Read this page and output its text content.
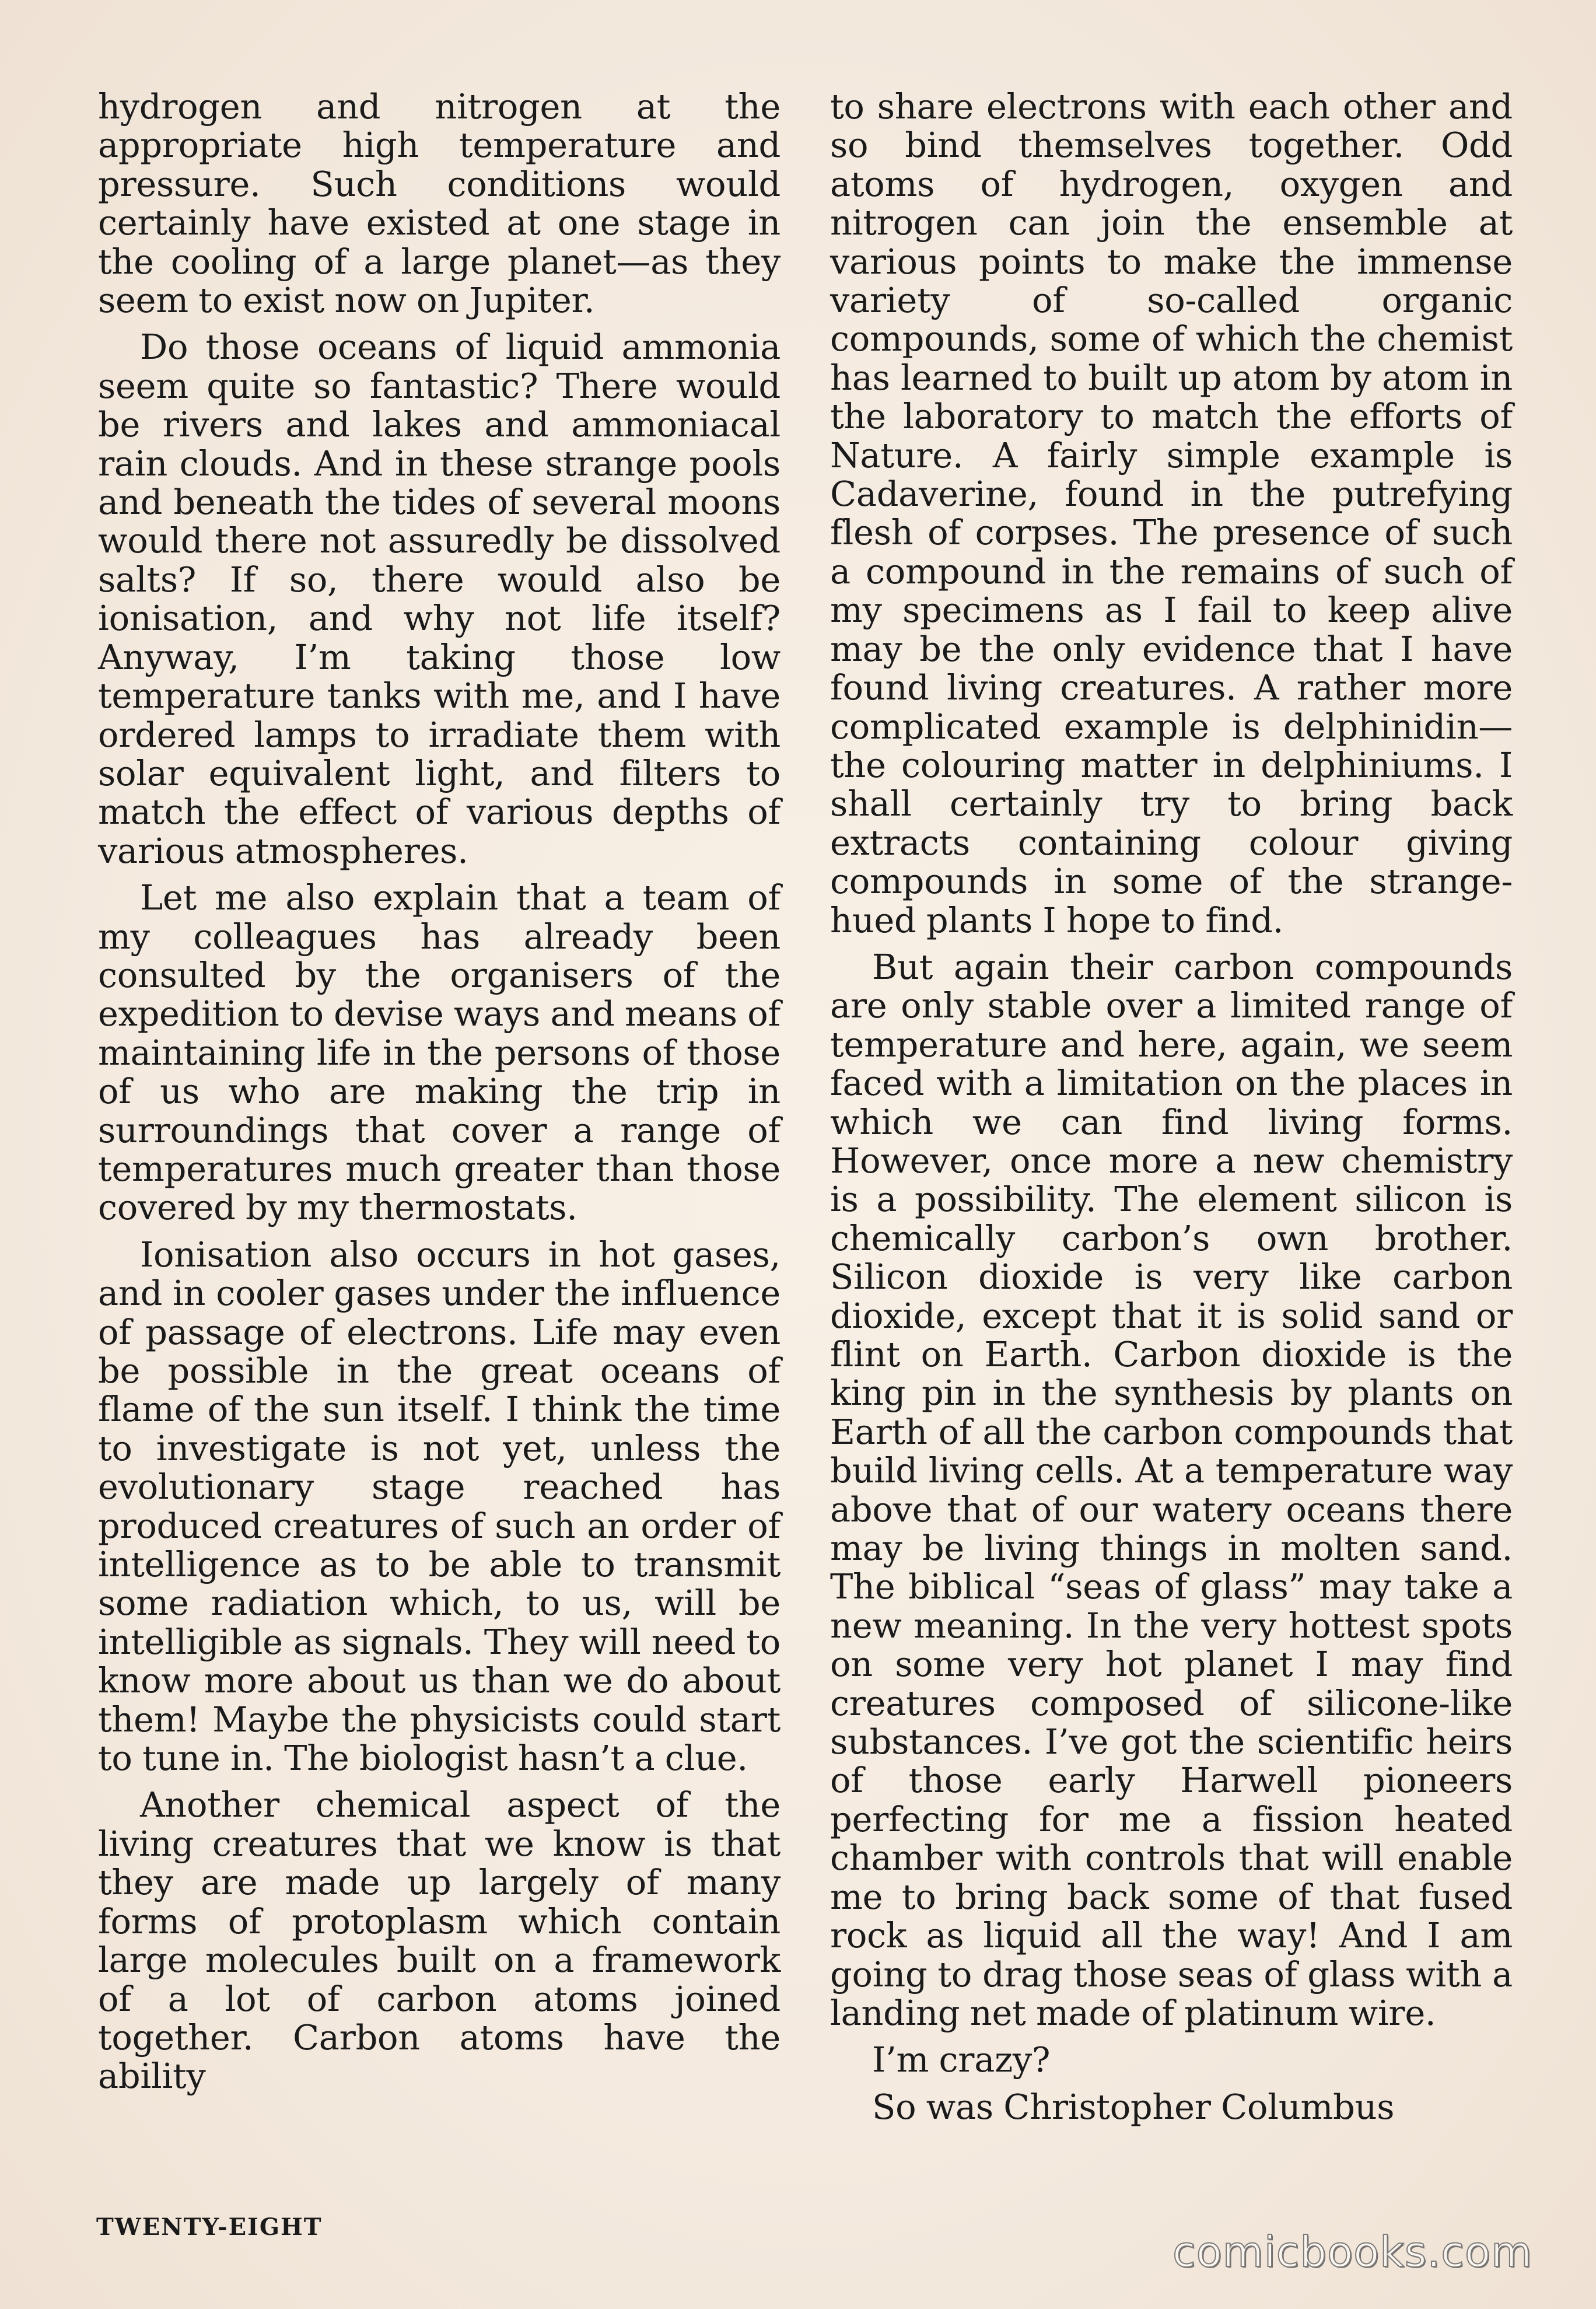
hydrogen and nitrogen at the appropriate high temperature and pressure. Such conditions would certainly have existed at one stage in the cooling of a large planet—as they seem to exist now on Jupiter.

Do those oceans of liquid ammonia seem quite so fantastic? There would be rivers and lakes and ammoniacal rain clouds. And in these strange pools and beneath the tides of several moons would there not assuredly be dissolved salts? If so, there would also be ionisation, and why not life itself? Anyway, I’m taking those low temperature tanks with me, and I have ordered lamps to irradiate them with solar equivalent light, and filters to match the effect of various depths of various atmospheres.

Let me also explain that a team of my colleagues has already been consulted by the organisers of the expedition to devise ways and means of maintaining life in the persons of those of us who are making the trip in surroundings that cover a range of temperatures much greater than those covered by my thermostats.

Ionisation also occurs in hot gases, and in cooler gases under the influence of passage of electrons. Life may even be possible in the great oceans of flame of the sun itself. I think the time to investigate is not yet, unless the evolutionary stage reached has produced creatures of such an order of intelligence as to be able to transmit some radiation which, to us, will be intelligible as signals. They will need to know more about us than we do about them! Maybe the physicists could start to tune in. The biologist hasn’t a clue.

Another chemical aspect of the living creatures that we know is that they are made up largely of many forms of protoplasm which contain large molecules built on a framework of a lot of carbon atoms joined together. Carbon atoms have the ability

to share electrons with each other and so bind themselves together. Odd atoms of hydrogen, oxygen and nitrogen can join the ensemble at various points to make the immense variety of so-called organic compounds, some of which the chemist has learned to built up atom by atom in the laboratory to match the efforts of Nature. A fairly simple example is Cadaverine, found in the putrefying flesh of corpses. The presence of such a compound in the remains of such of my specimens as I fail to keep alive may be the only evidence that I have found living creatures. A rather more complicated example is delphinidin—the colouring matter in delphiniums. I shall certainly try to bring back extracts containing colour giving compounds in some of the strange-hued plants I hope to find.

But again their carbon compounds are only stable over a limited range of temperature and here, again, we seem faced with a limitation on the places in which we can find living forms. However, once more a new chemistry is a possibility. The element silicon is chemically carbon’s own brother. Silicon dioxide is very like carbon dioxide, except that it is solid sand or flint on Earth. Carbon dioxide is the king pin in the synthesis by plants on Earth of all the carbon compounds that build living cells. At a temperature way above that of our watery oceans there may be living things in molten sand. The biblical “seas of glass” may take a new meaning. In the very hottest spots on some very hot planet I may find creatures composed of silicone-like substances. I’ve got the scientific heirs of those early Harwell pioneers perfecting for me a fission heated chamber with controls that will enable me to bring back some of that fused rock as liquid all the way! And I am going to drag those seas of glass with a landing net made of platinum wire.

I’m crazy?

So was Christopher Columbus

TWENTY-EIGHT
comicbooks.com
